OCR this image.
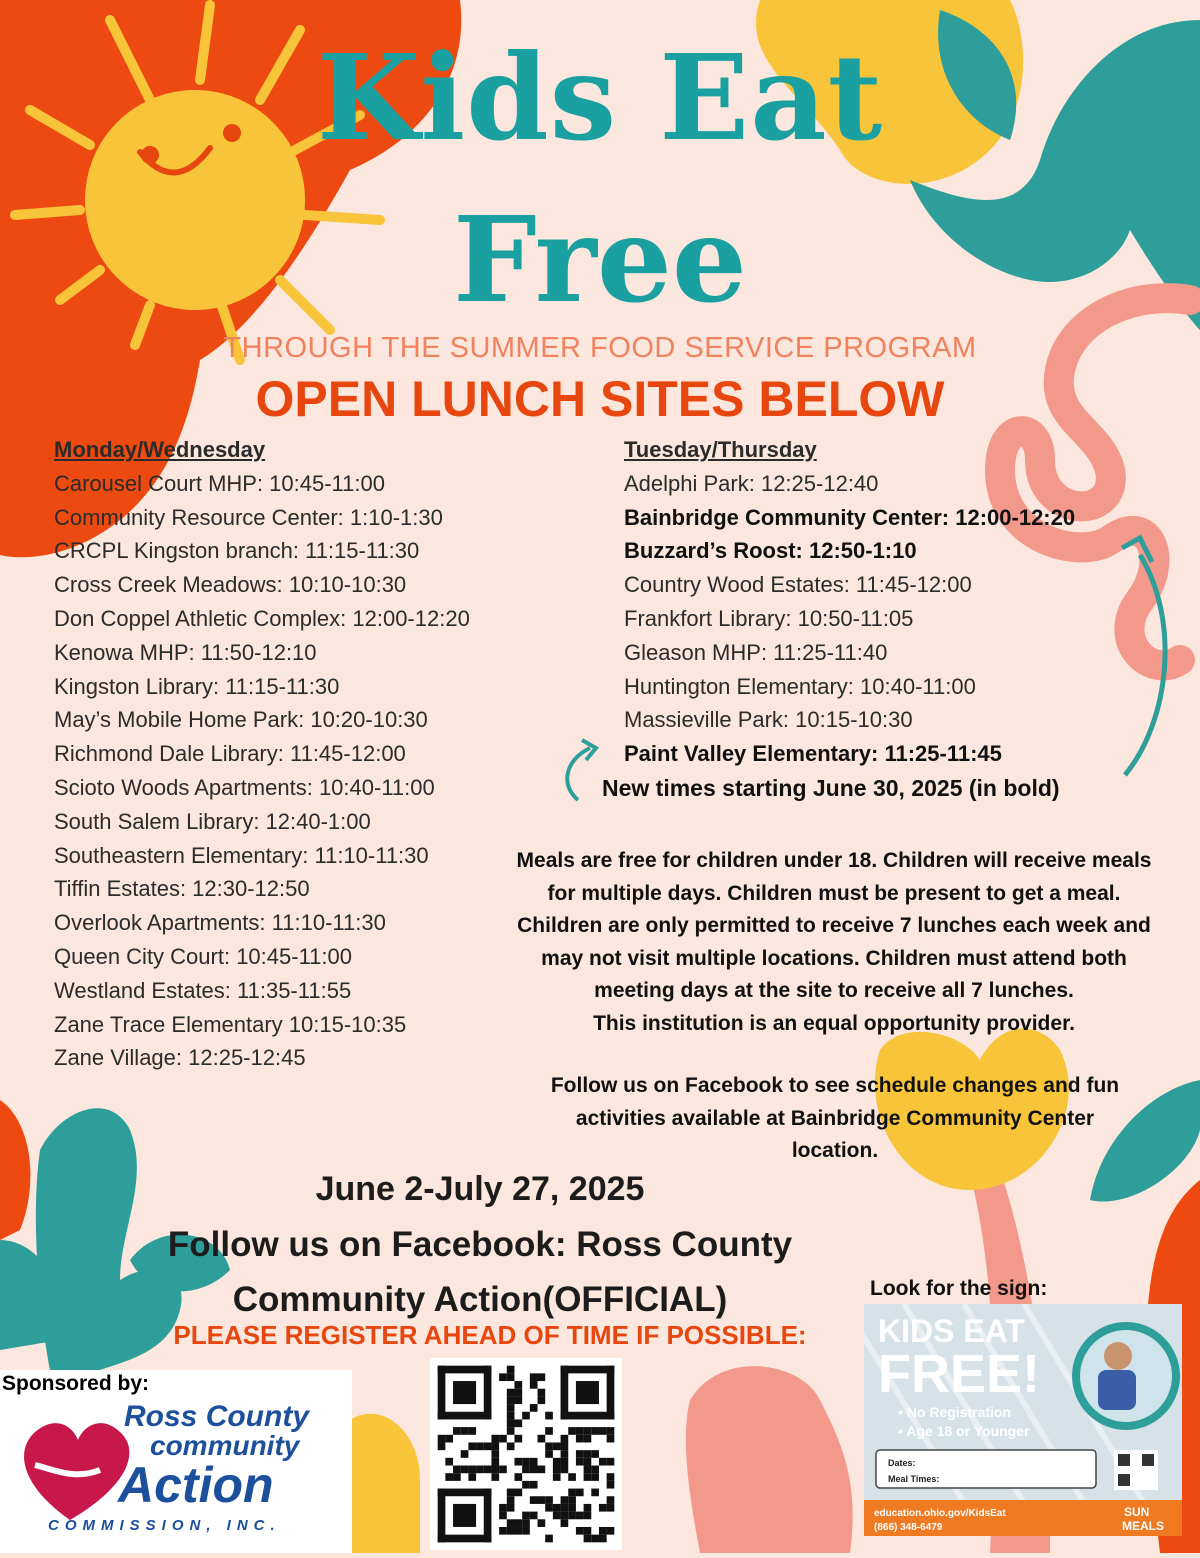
Kids Eat
Free
THROUGH THE SUMMER FOOD SERVICE PROGRAM
OPEN LUNCH SITES BELOW
Monday/Wednesday
Carousel Court MHP: 10:45-11:00
Community Resource Center: 1:10-1:30
CRCPL Kingston branch: 11:15-11:30
Cross Creek Meadows: 10:10-10:30
Don Coppel Athletic Complex: 12:00-12:20
Kenowa MHP: 11:50-12:10
Kingston Library: 11:15-11:30
May’s Mobile Home Park: 10:20-10:30
Richmond Dale Library: 11:45-12:00
Scioto Woods Apartments: 10:40-11:00
South Salem Library: 12:40-1:00
Southeastern Elementary: 11:10-11:30
Tiffin Estates: 12:30-12:50
Overlook Apartments: 11:10-11:30
Queen City Court: 10:45-11:00
Westland Estates: 11:35-11:55
Zane Trace Elementary 10:15-10:35
Zane Village: 12:25-12:45
Tuesday/Thursday
Adelphi Park: 12:25-12:40
Bainbridge Community Center: 12:00-12:20
Buzzard’s Roost: 12:50-1:10
Country Wood Estates: 11:45-12:00
Frankfort Library: 10:50-11:05
Gleason MHP: 11:25-11:40
Huntington Elementary: 10:40-11:00
Massieville Park: 10:15-10:30
Paint Valley Elementary: 11:25-11:45
New times starting June 30, 2025 (in bold)
Meals are free for children under 18. Children will receive meals
for multiple days. Children must be present to get a meal.
Children are only permitted to receive 7 lunches each week and
may not visit multiple locations. Children must attend both
meeting days at the site to receive all 7 lunches.
This institution is an equal opportunity provider.
Follow us on Facebook to see schedule changes and fun
activities available at Bainbridge Community Center
location.
June 2-July 27, 2025
Follow us on Facebook: Ross County
Community Action(OFFICIAL)
PLEASE REGISTER AHEAD OF TIME IF POSSIBLE:
Ross County
community
Action
COMMISSION, INC.
Sponsored by:
Look for the sign:
KIDS EAT
FREE!
• No Registration
• Age 18 or Younger
Dates:
Meal Times:
education.ohio.gov/KidsEat
(866) 348-6479
SUN
MEALS
